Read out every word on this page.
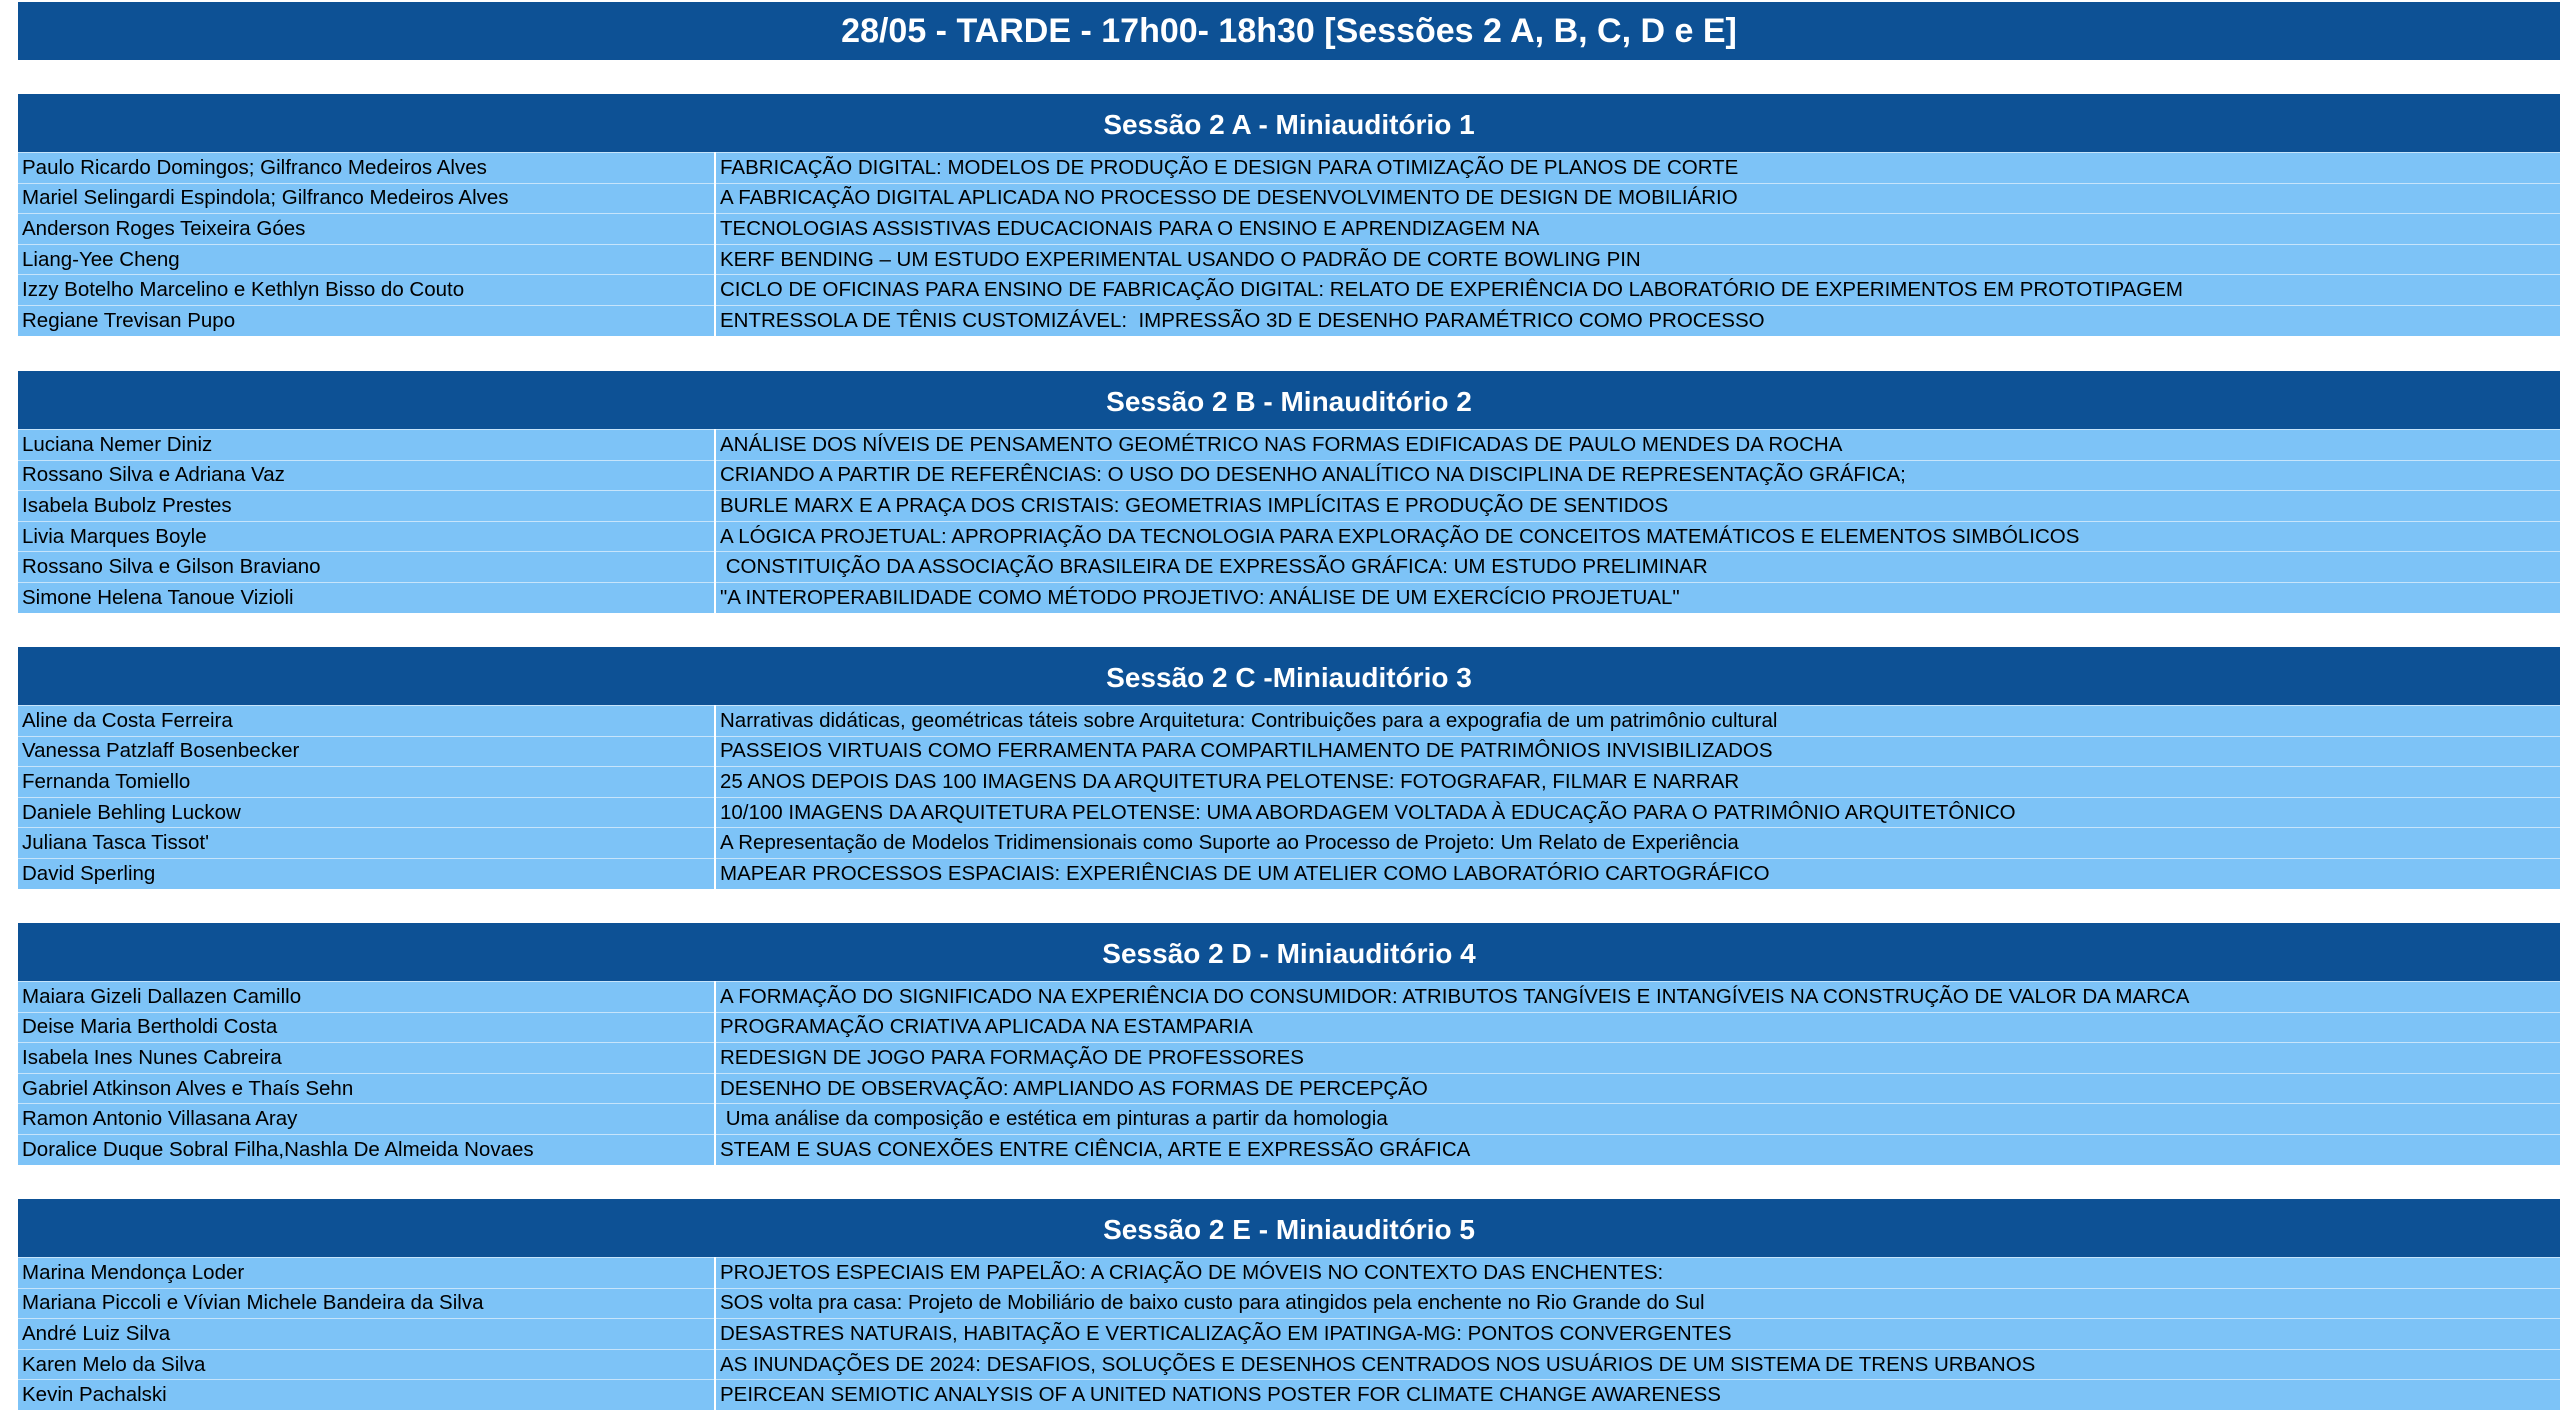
28/05 - TARDE - 17h00- 18h30 [Sessões 2 A, B, C, D e E]
Sessão 2 A - Miniauditório 1
Paulo Ricardo Domingos; Gilfranco Medeiros Alves	FABRICAÇÃO DIGITAL: MODELOS DE PRODUÇÃO E DESIGN PARA OTIMIZAÇÃO DE PLANOS DE CORTE
Mariel Selingardi Espindola; Gilfranco Medeiros Alves	A FABRICAÇÃO DIGITAL APLICADA NO PROCESSO DE DESENVOLVIMENTO DE DESIGN DE MOBILIÁRIO
Anderson Roges Teixeira Góes	TECNOLOGIAS ASSISTIVAS EDUCACIONAIS PARA O ENSINO E APRENDIZAGEM NA
Liang-Yee Cheng	KERF BENDING – UM ESTUDO EXPERIMENTAL USANDO O PADRÃO DE CORTE BOWLING PIN
Izzy Botelho Marcelino e Kethlyn Bisso do Couto	CICLO DE OFICINAS PARA ENSINO DE FABRICAÇÃO DIGITAL: RELATO DE EXPERIÊNCIA DO LABORATÓRIO DE EXPERIMENTOS EM PROTOTIPAGEM
Regiane Trevisan Pupo	ENTRESSOLA DE TÊNIS CUSTOMIZÁVEL:  IMPRESSÃO 3D E DESENHO PARAMÉTRICO COMO PROCESSO
Sessão 2 B - Minauditório 2
Luciana Nemer Diniz	ANÁLISE DOS NÍVEIS DE PENSAMENTO GEOMÉTRICO NAS FORMAS EDIFICADAS DE PAULO MENDES DA ROCHA
Rossano Silva e Adriana Vaz	CRIANDO A PARTIR DE REFERÊNCIAS: O USO DO DESENHO ANALÍTICO NA DISCIPLINA DE REPRESENTAÇÃO GRÁFICA;
Isabela Bubolz Prestes	BURLE MARX E A PRAÇA DOS CRISTAIS: GEOMETRIAS IMPLÍCITAS E PRODUÇÃO DE SENTIDOS
Livia Marques Boyle	A LÓGICA PROJETUAL: APROPRIAÇÃO DA TECNOLOGIA PARA EXPLORAÇÃO DE CONCEITOS MATEMÁTICOS E ELEMENTOS SIMBÓLICOS
Rossano Silva e Gilson Braviano	CONSTITUIÇÃO DA ASSOCIAÇÃO BRASILEIRA DE EXPRESSÃO GRÁFICA: UM ESTUDO PRELIMINAR
Simone Helena Tanoue Vizioli	"A INTEROPERABILIDADE COMO MÉTODO PROJETIVO: ANÁLISE DE UM EXERCÍCIO PROJETUAL"
Sessão 2 C -Miniauditório 3
Aline da Costa Ferreira	Narrativas didáticas, geométricas táteis sobre Arquitetura: Contribuições para a expografia de um patrimônio cultural
Vanessa Patzlaff Bosenbecker	PASSEIOS VIRTUAIS COMO FERRAMENTA PARA COMPARTILHAMENTO DE PATRIMÔNIOS INVISIBILIZADOS
Fernanda Tomiello	25 ANOS DEPOIS DAS 100 IMAGENS DA ARQUITETURA PELOTENSE: FOTOGRAFAR, FILMAR E NARRAR
Daniele Behling Luckow	10/100 IMAGENS DA ARQUITETURA PELOTENSE: UMA ABORDAGEM VOLTADA À EDUCAÇÃO PARA O PATRIMÔNIO ARQUITETÔNICO
Juliana Tasca Tissot'	A Representação de Modelos Tridimensionais como Suporte ao Processo de Projeto: Um Relato de Experiência
David Sperling	MAPEAR PROCESSOS ESPACIAIS: EXPERIÊNCIAS DE UM ATELIER COMO LABORATÓRIO CARTOGRÁFICO
Sessão 2 D - Miniauditório 4
Maiara Gizeli Dallazen Camillo	A FORMAÇÃO DO SIGNIFICADO NA EXPERIÊNCIA DO CONSUMIDOR: ATRIBUTOS TANGÍVEIS E INTANGÍVEIS NA CONSTRUÇÃO DE VALOR DA MARCA
Deise Maria Bertholdi Costa	PROGRAMAÇÃO CRIATIVA APLICADA NA ESTAMPARIA
Isabela Ines Nunes Cabreira	REDESIGN DE JOGO PARA FORMAÇÃO DE PROFESSORES
Gabriel Atkinson Alves e Thaís Sehn	DESENHO DE OBSERVAÇÃO: AMPLIANDO AS FORMAS DE PERCEPÇÃO
Ramon Antonio Villasana Aray	Uma análise da composição e estética em pinturas a partir da homologia
Doralice Duque Sobral Filha,Nashla De Almeida Novaes	STEAM E SUAS CONEXÕES ENTRE CIÊNCIA, ARTE E EXPRESSÃO GRÁFICA
Sessão 2 E - Miniauditório 5
Marina Mendonça Loder	PROJETOS ESPECIAIS EM PAPELÃO: A CRIAÇÃO DE MÓVEIS NO CONTEXTO DAS ENCHENTES:
Mariana Piccoli e Vívian Michele Bandeira da Silva	SOS volta pra casa: Projeto de Mobiliário de baixo custo para atingidos pela enchente no Rio Grande do Sul
André Luiz Silva	DESASTRES NATURAIS, HABITAÇÃO E VERTICALIZAÇÃO EM IPATINGA-MG: PONTOS CONVERGENTES
Karen Melo da Silva	AS INUNDAÇÕES DE 2024: DESAFIOS, SOLUÇÕES E DESENHOS CENTRADOS NOS USUÁRIOS DE UM SISTEMA DE TRENS URBANOS
Kevin Pachalski	PEIRCEAN SEMIOTIC ANALYSIS OF A UNITED NATIONS POSTER FOR CLIMATE CHANGE AWARENESS
